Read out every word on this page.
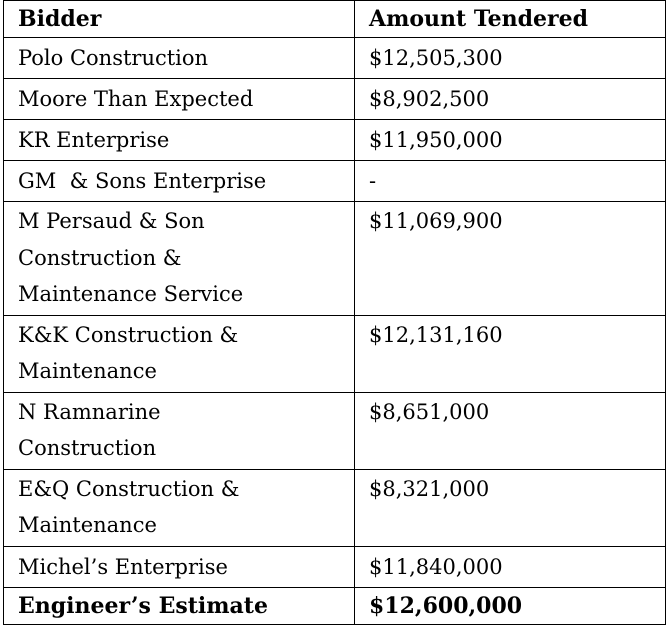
Bidder	Amount Tendered
Polo Construction	$12,505,300
Moore Than Expected	$8,902,500
KR Enterprise	$11,950,000
GM  & Sons Enterprise	-
M Persaud & Son Construction & Maintenance Service	$11,069,900
K&K Construction & Maintenance	$12,131,160
N Ramnarine Construction	$8,651,000
E&Q Construction & Maintenance	$8,321,000
Michel’s Enterprise	$11,840,000
Engineer’s Estimate	$12,600,000
